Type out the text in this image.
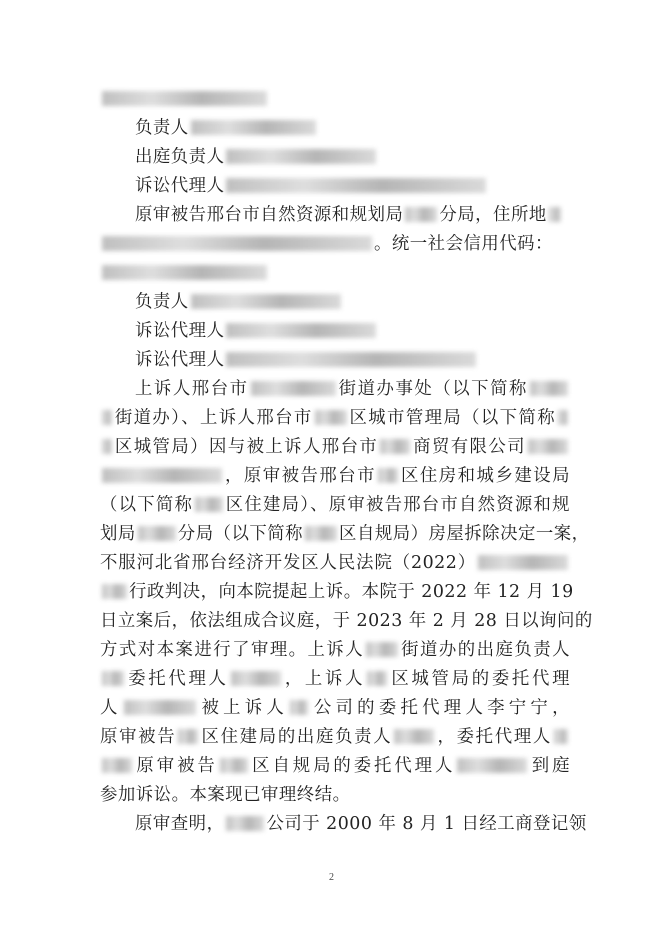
负责人
出庭负责人
诉讼代理人
原审被告邢台市自然资源和规划局 分局，住所地
。统一社会信用代码：
负责人
诉讼代理人
诉讼代理人
上诉人邢台市	街道办事处（以下简称
街道办）、上诉人邢台市 区城市管理局（以下简称
区城管局）因与被上诉人邢台市 商贸有限公司
，原审被告邢台市 区住房和城乡建设局
（以下简称 区住建局）、原审被告邢台市自然资源和规
划局 分局（以下简称 区自规局）房屋拆除决定一案，
不服河北省邢台经济开发区人民法院（2022）
行政判决，向本院提起上诉。本院于 2022 年 12 月 19
日立案后，依法组成合议庭，于 2023 年 2 月 28 日以询问的
方式对本案进行了审理。上诉人 街道办的出庭负责人
委托代理人	，上诉人 区城管局的委托代理
人	被上诉人 公司的委托代理人李宁宁，
原审被告 区住建局的出庭负责人	，委托代理人
原审被告 区自规局的委托代理人	到庭
参加诉讼。本案现已审理终结。
原审查明， 公司于 2000 年 8 月 1 日经工商登记领
2
